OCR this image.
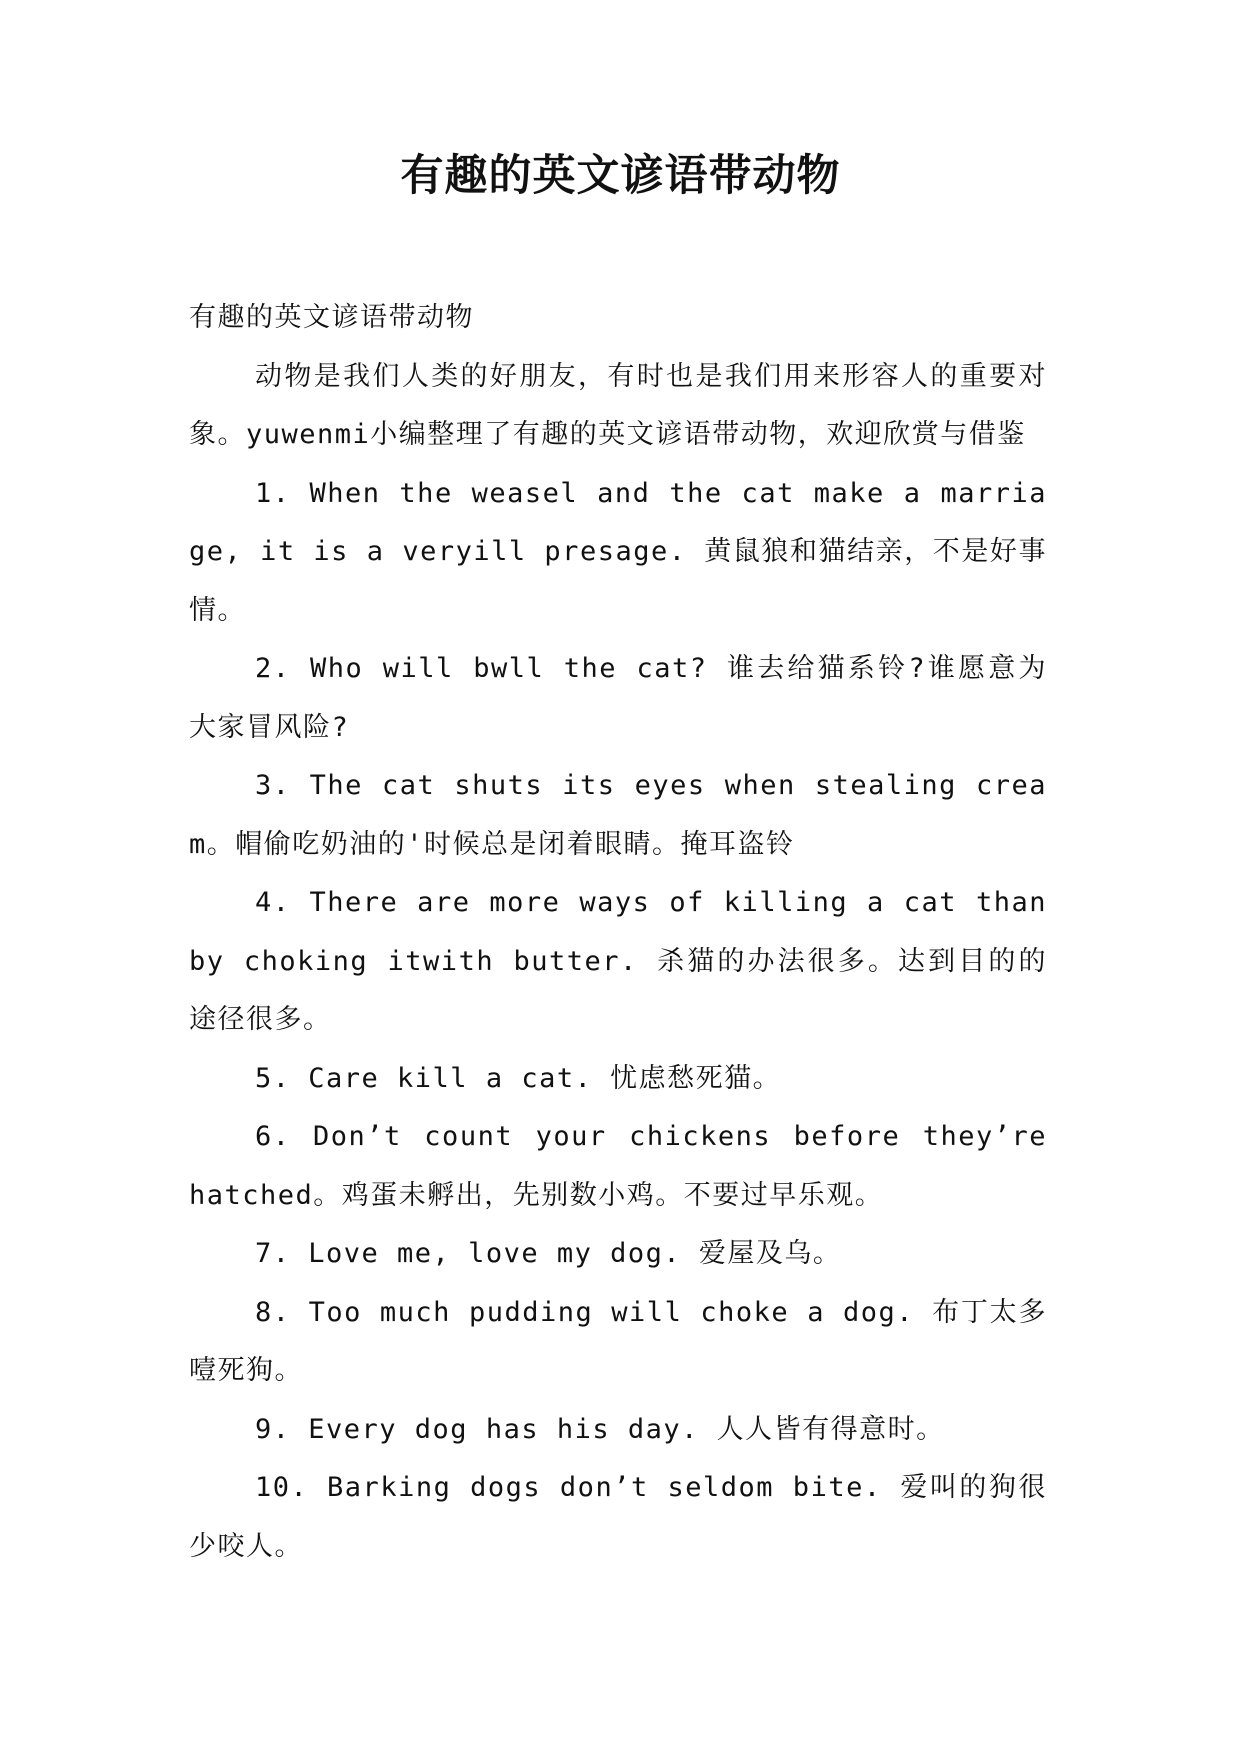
有趣的英文谚语带动物

有趣的英文谚语带动物

动物是我们人类的好朋友，有时也是我们用来形容人的重要对象。yuwenmi小编整理了有趣的英文谚语带动物，欢迎欣赏与借鉴

1. When the weasel and the cat make a marriage, it is a veryill presage. 黄鼠狼和猫结亲，不是好事情。

2. Who will bwll the cat? 谁去给猫系铃?谁愿意为大家冒风险?

3. The cat shuts its eyes when stealing cream。帽偷吃奶油的'时候总是闭着眼睛。掩耳盗铃

4. There are more ways of killing a cat than by choking itwith butter. 杀猫的办法很多。达到目的的途径很多。

5. Care kill a cat. 忧虑愁死猫。

6. Don’t count your chickens before they’re hatched。鸡蛋未孵出，先别数小鸡。不要过早乐观。

7. Love me, love my dog. 爱屋及乌。

8. Too much pudding will choke a dog. 布丁太多噎死狗。

9. Every dog has his day. 人人皆有得意时。

10. Barking dogs don’t seldom bite. 爱叫的狗很少咬人。
